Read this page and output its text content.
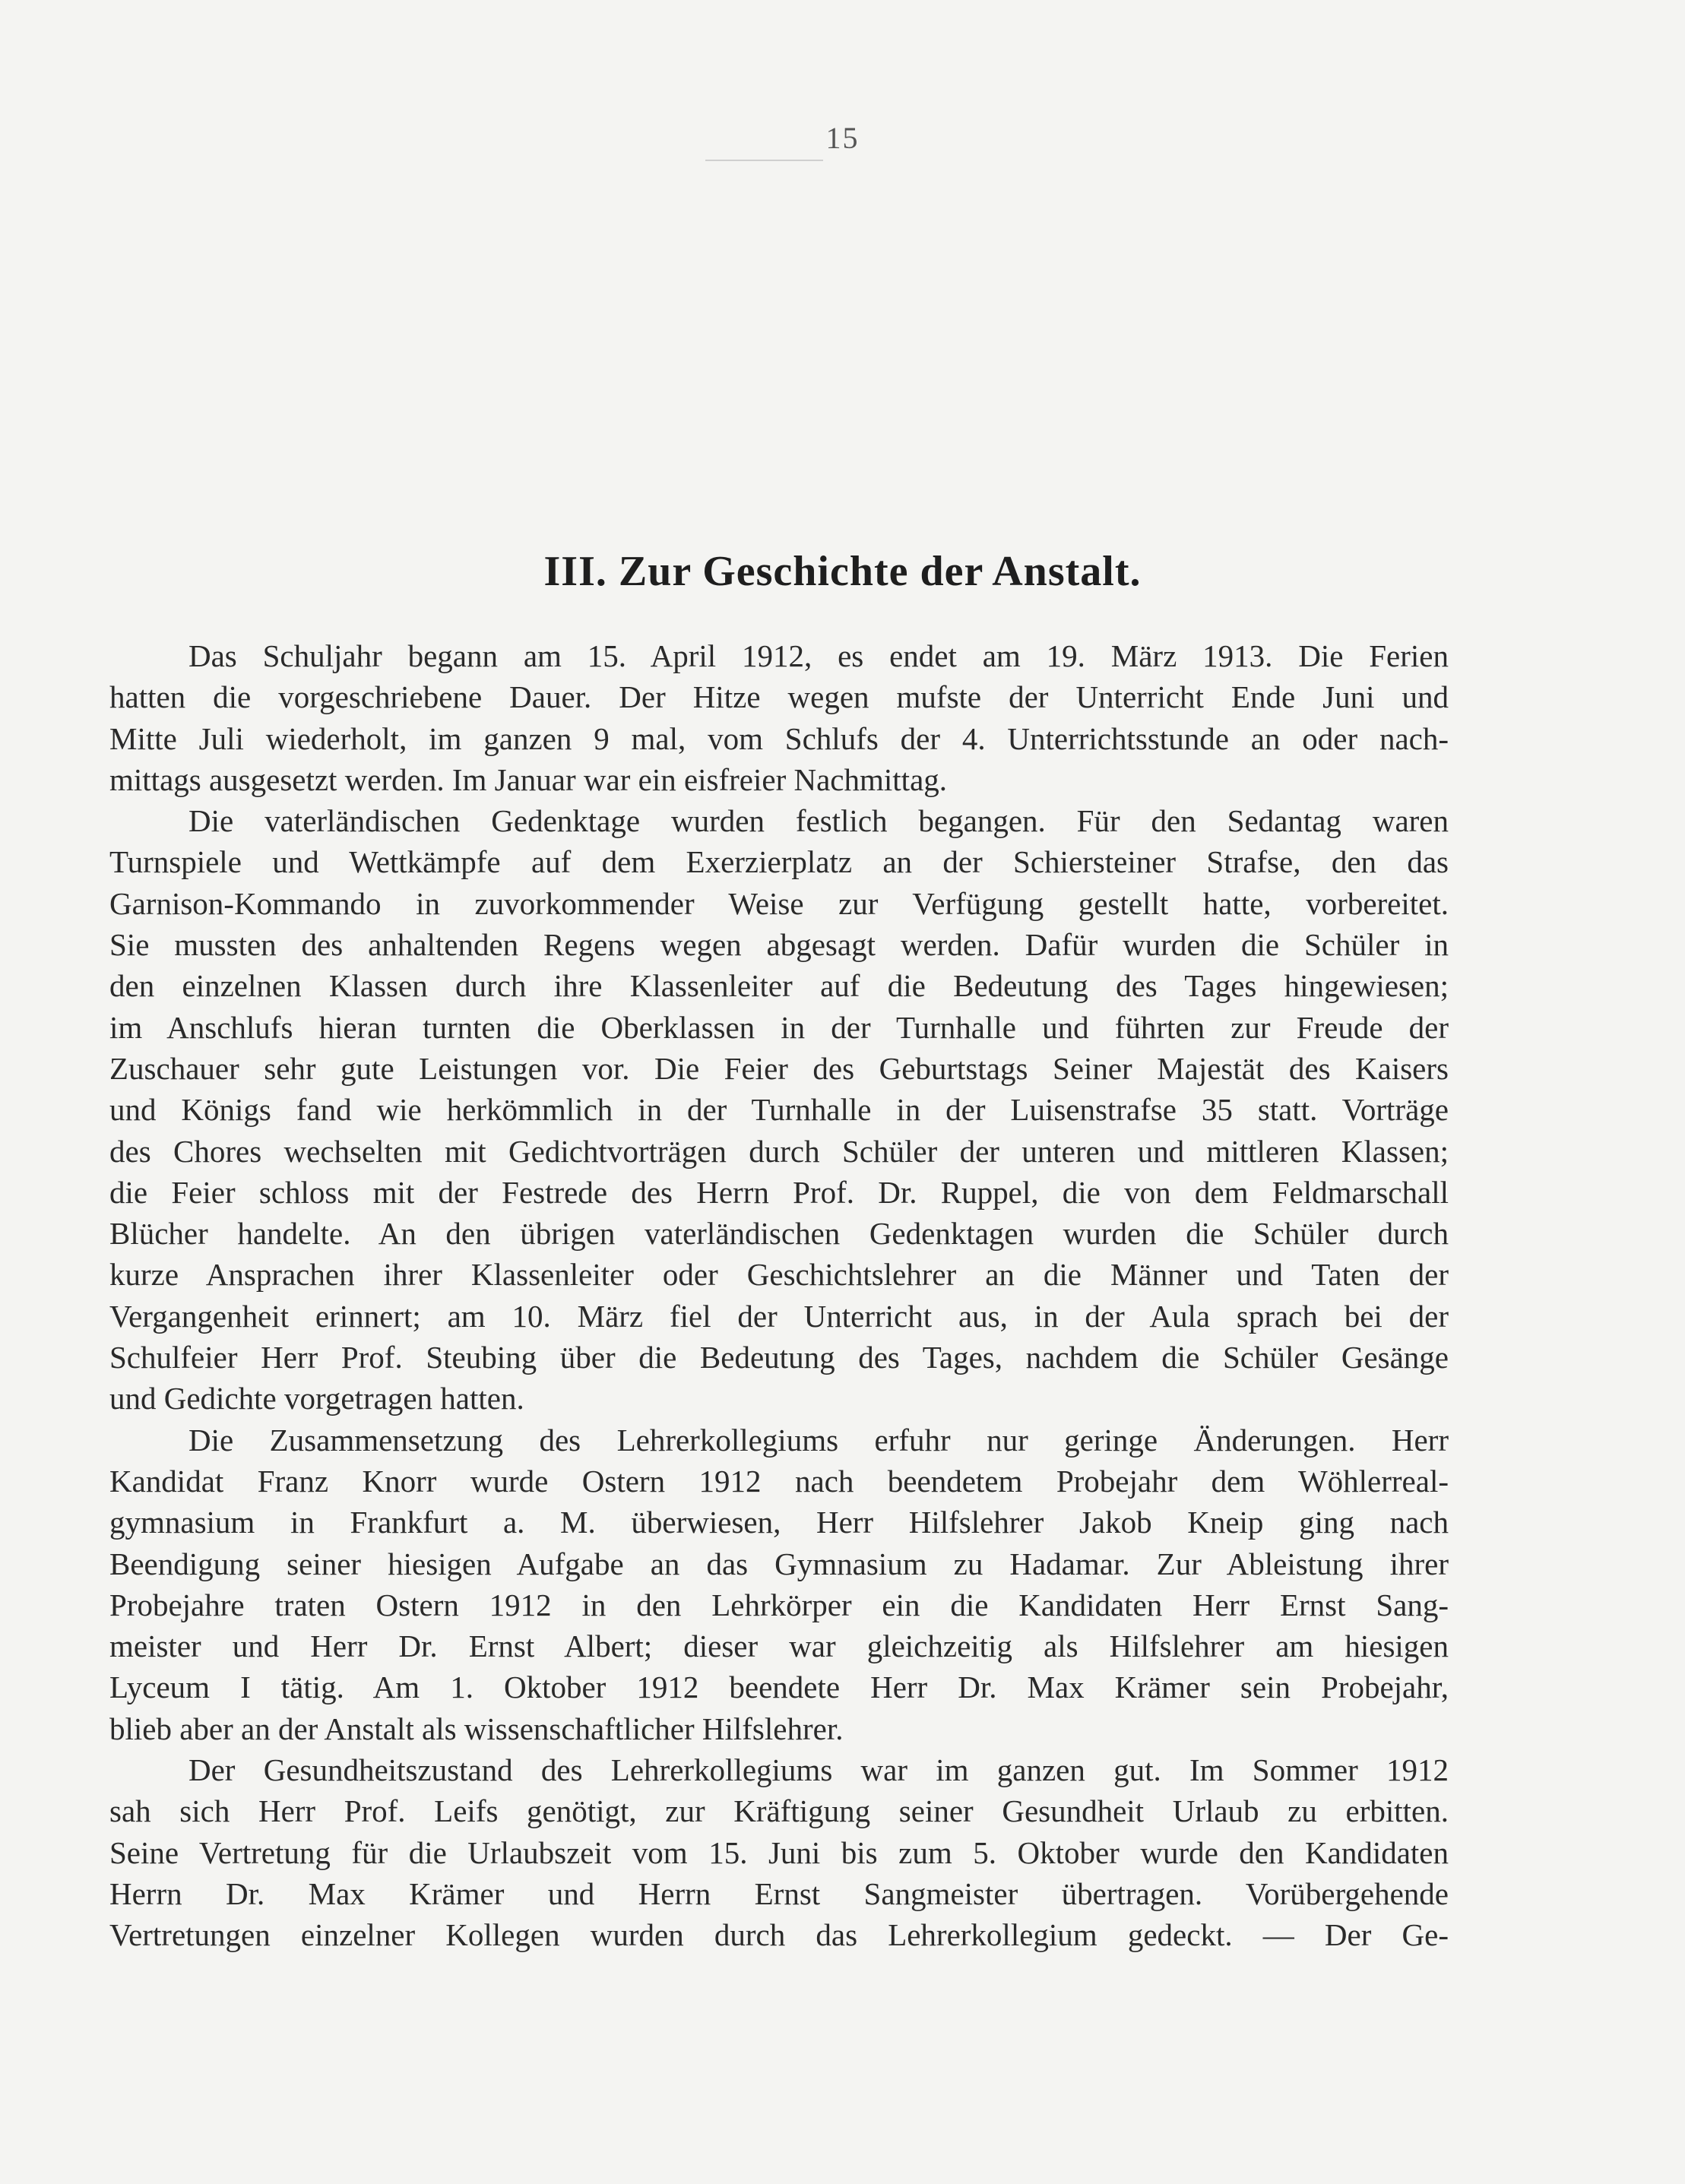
15
III. Zur Geschichte der Anstalt.
Das Schuljahr begann am 15. April 1912, es endet am 19. März 1913. Die Ferien
hatten die vorgeschriebene Dauer. Der Hitze wegen mufste der Unterricht Ende Juni und
Mitte Juli wiederholt, im ganzen 9 mal, vom Schlufs der 4. Unterrichtsstunde an oder nach-
mittags ausgesetzt werden. Im Januar war ein eisfreier Nachmittag.
Die vaterländischen Gedenktage wurden festlich begangen. Für den Sedantag waren
Turnspiele und Wettkämpfe auf dem Exerzierplatz an der Schiersteiner Strafse, den das
Garnison-Kommando in zuvorkommender Weise zur Verfügung gestellt hatte, vorbereitet.
Sie mussten des anhaltenden Regens wegen abgesagt werden. Dafür wurden die Schüler in
den einzelnen Klassen durch ihre Klassenleiter auf die Bedeutung des Tages hingewiesen;
im Anschlufs hieran turnten die Oberklassen in der Turnhalle und führten zur Freude der
Zuschauer sehr gute Leistungen vor. Die Feier des Geburtstags Seiner Majestät des Kaisers
und Königs fand wie herkömmlich in der Turnhalle in der Luisenstrafse 35 statt. Vorträge
des Chores wechselten mit Gedichtvorträgen durch Schüler der unteren und mittleren Klassen;
die Feier schloss mit der Festrede des Herrn Prof. Dr. Ruppel, die von dem Feldmarschall
Blücher handelte. An den übrigen vaterländischen Gedenktagen wurden die Schüler durch
kurze Ansprachen ihrer Klassenleiter oder Geschichtslehrer an die Männer und Taten der
Vergangenheit erinnert; am 10. März fiel der Unterricht aus, in der Aula sprach bei der
Schulfeier Herr Prof. Steubing über die Bedeutung des Tages, nachdem die Schüler Gesänge
und Gedichte vorgetragen hatten.
Die Zusammensetzung des Lehrerkollegiums erfuhr nur geringe Änderungen. Herr
Kandidat Franz Knorr wurde Ostern 1912 nach beendetem Probejahr dem Wöhlerreal-
gymnasium in Frankfurt a. M. überwiesen, Herr Hilfslehrer Jakob Kneip ging nach
Beendigung seiner hiesigen Aufgabe an das Gymnasium zu Hadamar. Zur Ableistung ihrer
Probejahre traten Ostern 1912 in den Lehrkörper ein die Kandidaten Herr Ernst Sang-
meister und Herr Dr. Ernst Albert; dieser war gleichzeitig als Hilfslehrer am hiesigen
Lyceum I tätig. Am 1. Oktober 1912 beendete Herr Dr. Max Krämer sein Probejahr,
blieb aber an der Anstalt als wissenschaftlicher Hilfslehrer.
Der Gesundheitszustand des Lehrerkollegiums war im ganzen gut. Im Sommer 1912
sah sich Herr Prof. Leifs genötigt, zur Kräftigung seiner Gesundheit Urlaub zu erbitten.
Seine Vertretung für die Urlaubszeit vom 15. Juni bis zum 5. Oktober wurde den Kandidaten
Herrn Dr. Max Krämer und Herrn Ernst Sangmeister übertragen. Vorübergehende
Vertretungen einzelner Kollegen wurden durch das Lehrerkollegium gedeckt. — Der Ge-
